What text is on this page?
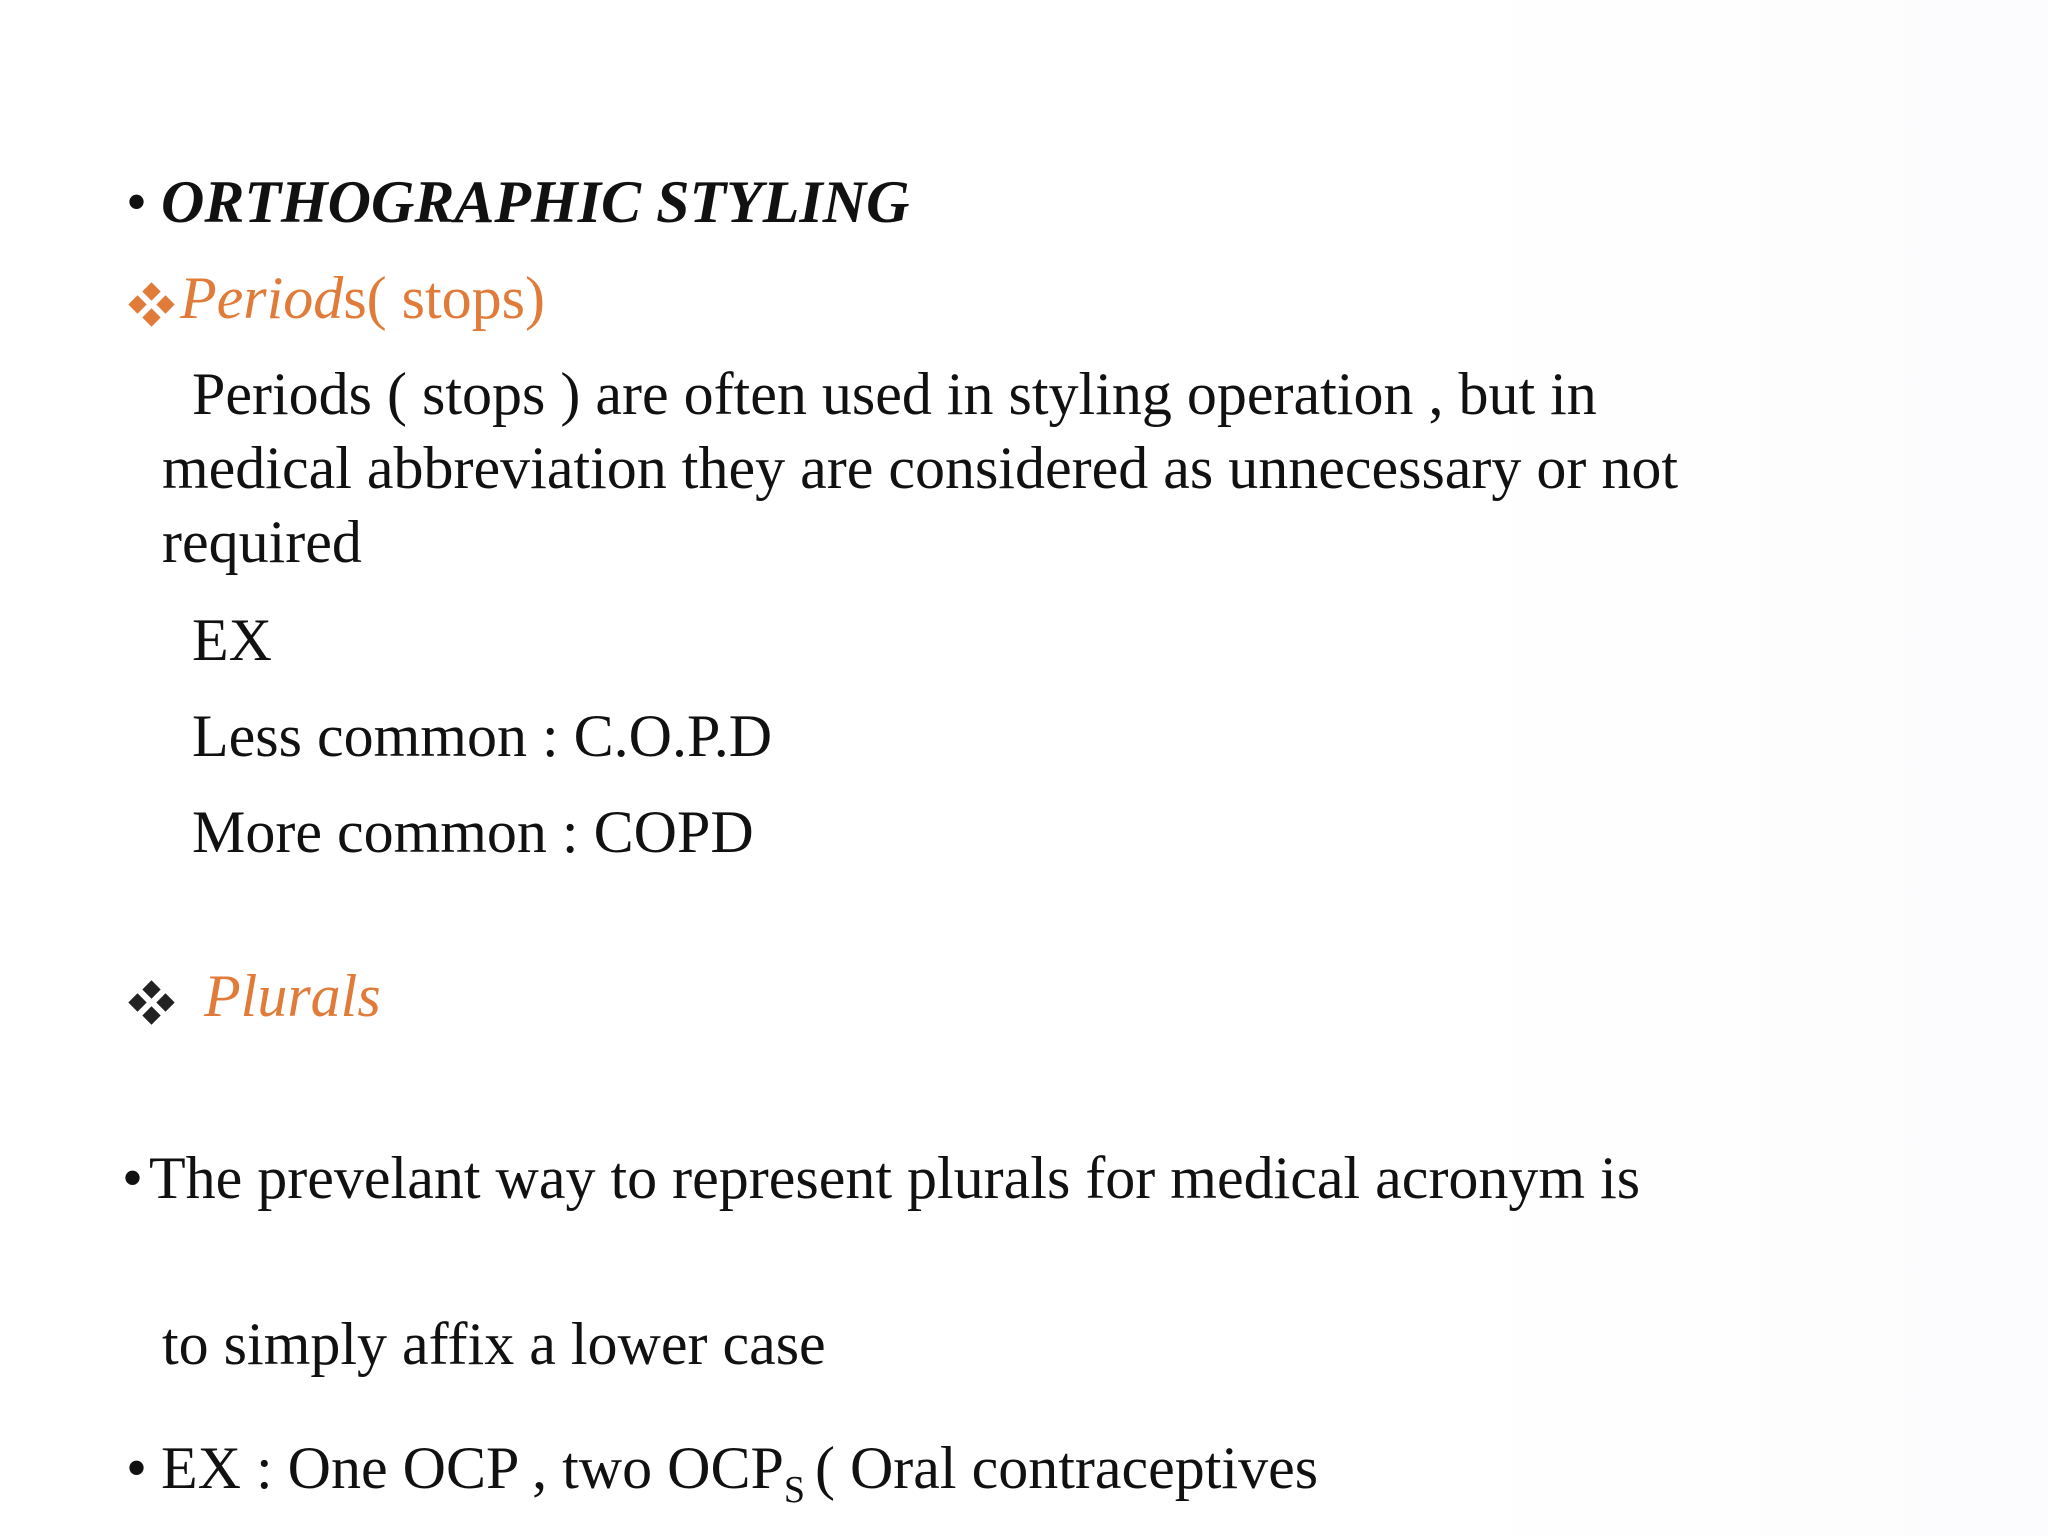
• ORTHOGRAPHIC STYLING
Periods( stops)
Periods ( stops ) are often used in styling operation , but in
medical abbreviation they are considered as unnecessary or not
required
EX
Less common : C.O.P.D
More common : COPD
Plurals
• The prevelant way to represent plurals for medical acronym is
to simply affix a lower case
• EX : One OCP , two $OCP_S$ ( Oral contraceptives
